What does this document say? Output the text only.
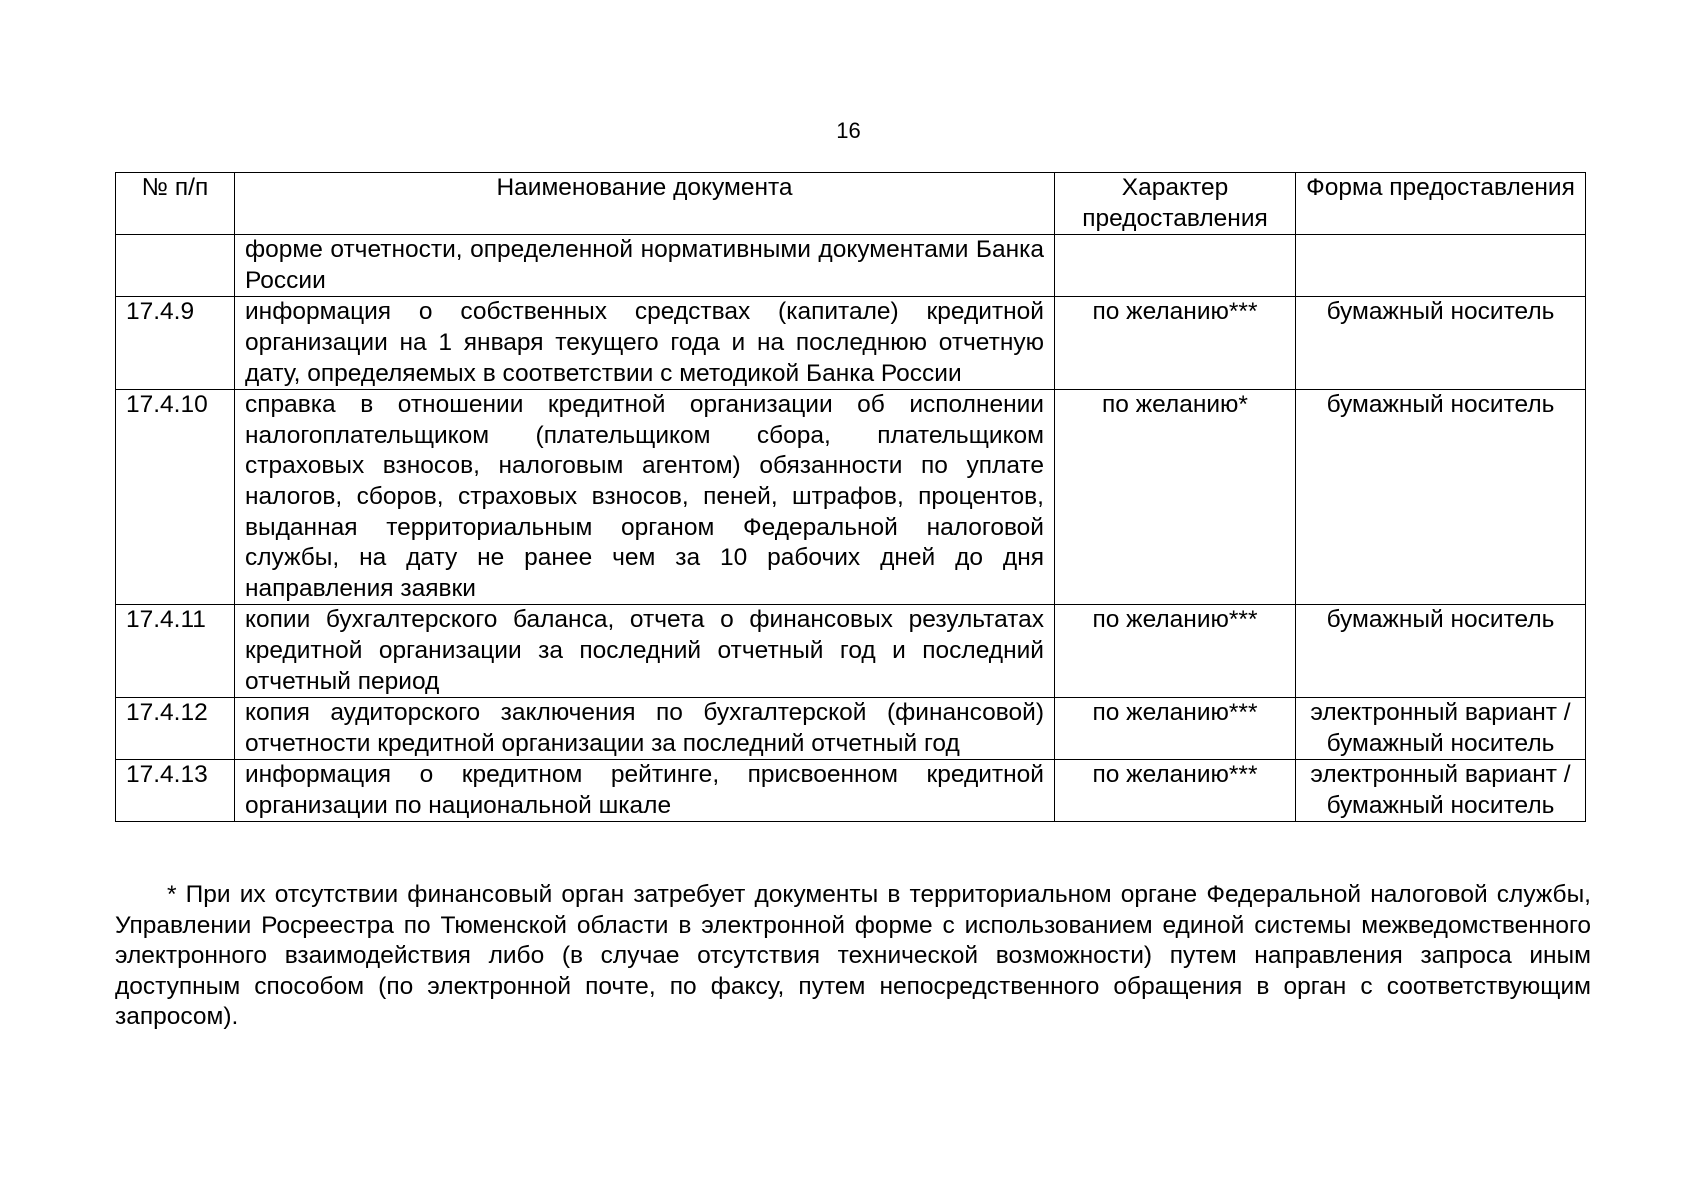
16
№ п/п	Наименование документа	Характер предоставления	Форма предоставления
	форме отчетности, определенной нормативными документами Банка России		
17.4.9	информация о собственных средствах (капитале) кредитной организации на 1 января текущего года и на последнюю отчетную дату, определяемых в соответствии с методикой Банка России	по желанию***	бумажный носитель
17.4.10	справка в отношении кредитной организации об исполнении налогоплательщиком (плательщиком сбора, плательщиком страховых взносов, налоговым агентом) обязанности по уплате налогов, сборов, страховых взносов, пеней, штрафов, процентов, выданная территориальным органом Федеральной налоговой службы, на дату не ранее чем за 10 рабочих дней до дня направления заявки	по желанию*	бумажный носитель
17.4.11	копии бухгалтерского баланса, отчета о финансовых результатах кредитной организации за последний отчетный год и последний отчетный период	по желанию***	бумажный носитель
17.4.12	копия аудиторского заключения по бухгалтерской (финансовой) отчетности кредитной организации за последний отчетный год	по желанию***	электронный вариант / бумажный носитель
17.4.13	информация о кредитном рейтинге, присвоенном кредитной организации по национальной шкале	по желанию***	электронный вариант / бумажный носитель

* При их отсутствии финансовый орган затребует документы в территориальном органе Федеральной налоговой службы, Управлении Росреестра по Тюменской области в электронной форме с использованием единой системы межведомственного электронного взаимодействия либо (в случае отсутствия технической возможности) путем направления запроса иным доступным способом (по электронной почте, по факсу, путем непосредственного обращения в орган с соответствующим запросом).
